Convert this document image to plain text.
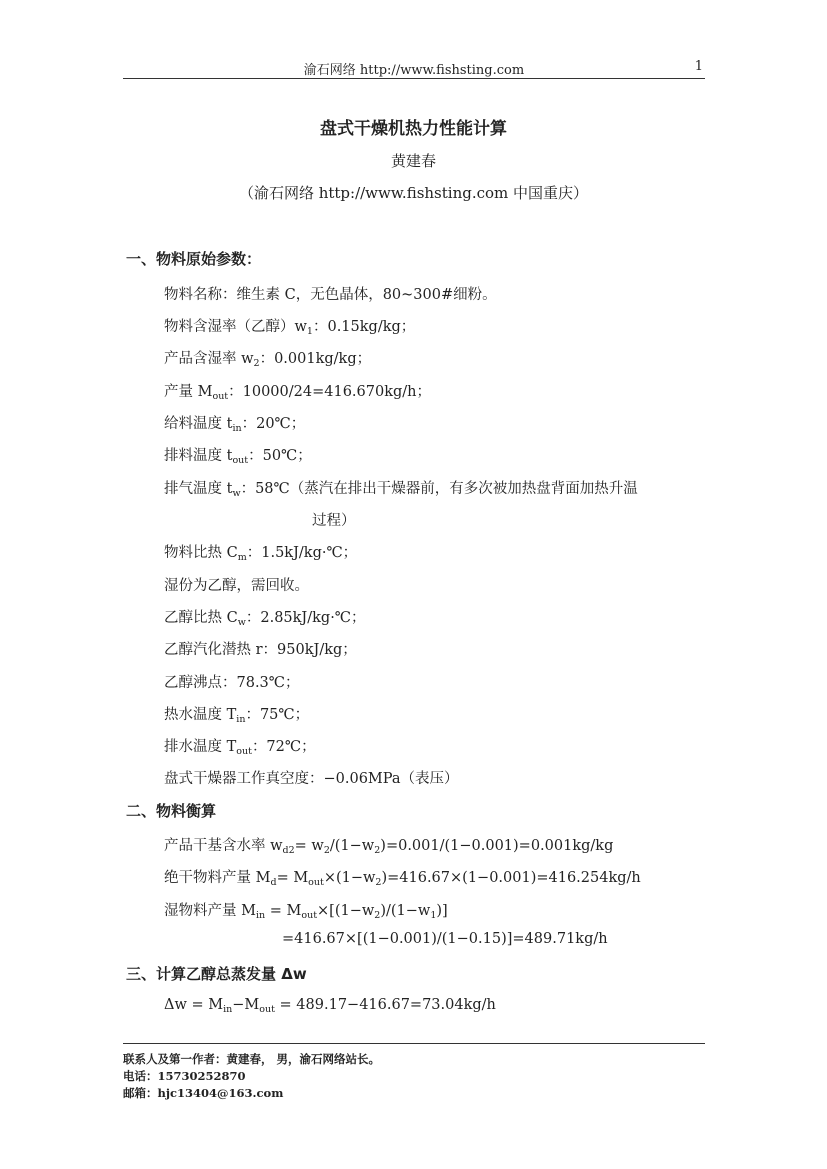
渝石网络 http://www.fishsting.com	1
盘式干燥机热力性能计算
黄建春
（渝石网络 http://www.fishsting.com 中国重庆）
一、物料原始参数：
物料名称：维生素 C，无色晶体，80~300#细粉。
物料含湿率（乙醇）$w_1$：0.15kg/kg；
产品含湿率 $w_2$：0.001kg/kg；
产量 $M_{out}$：10000/24=416.670kg/h；
给料温度 $t_{in}$：20℃；
排料温度 $t_{out}$：50℃；
排气温度 $t_w$：58℃（蒸汽在排出干燥器前，有多次被加热盘背面加热升温
过程）
物料比热 $C_m$：1.5kJ/kg·℃；
湿份为乙醇，需回收。
乙醇比热 $C_w$：2.85kJ/kg·℃；
乙醇汽化潜热 r：950kJ/kg；
乙醇沸点：78.3℃；
热水温度 $T_{in}$：75℃；
排水温度 $T_{out}$：72℃；
盘式干燥器工作真空度：−0.06MPa（表压）
二、物料衡算
产品干基含水率 $w_{d2}= w_2/(1-w_2)=0.001/(1-0.001)=0.001kg/kg$
绝干物料产量 $M_d= M_{out}\times(1-w_2)=416.67\times(1-0.001)=416.254kg/h$
湿物料产量 $M_{in} = M_{out}\times[(1-w_2)/(1-w_1)]$
=416.67×[(1−0.001)/(1−0.15)]=489.71kg/h
三、计算乙醇总蒸发量 Δw
$\Delta w = M_{in}-M_{out} = 489.17-416.67=73.04kg/h$
联系人及第一作者：黄建春， 男，渝石网络站长。
电话：15730252870
邮箱：hjc13404@163.com
